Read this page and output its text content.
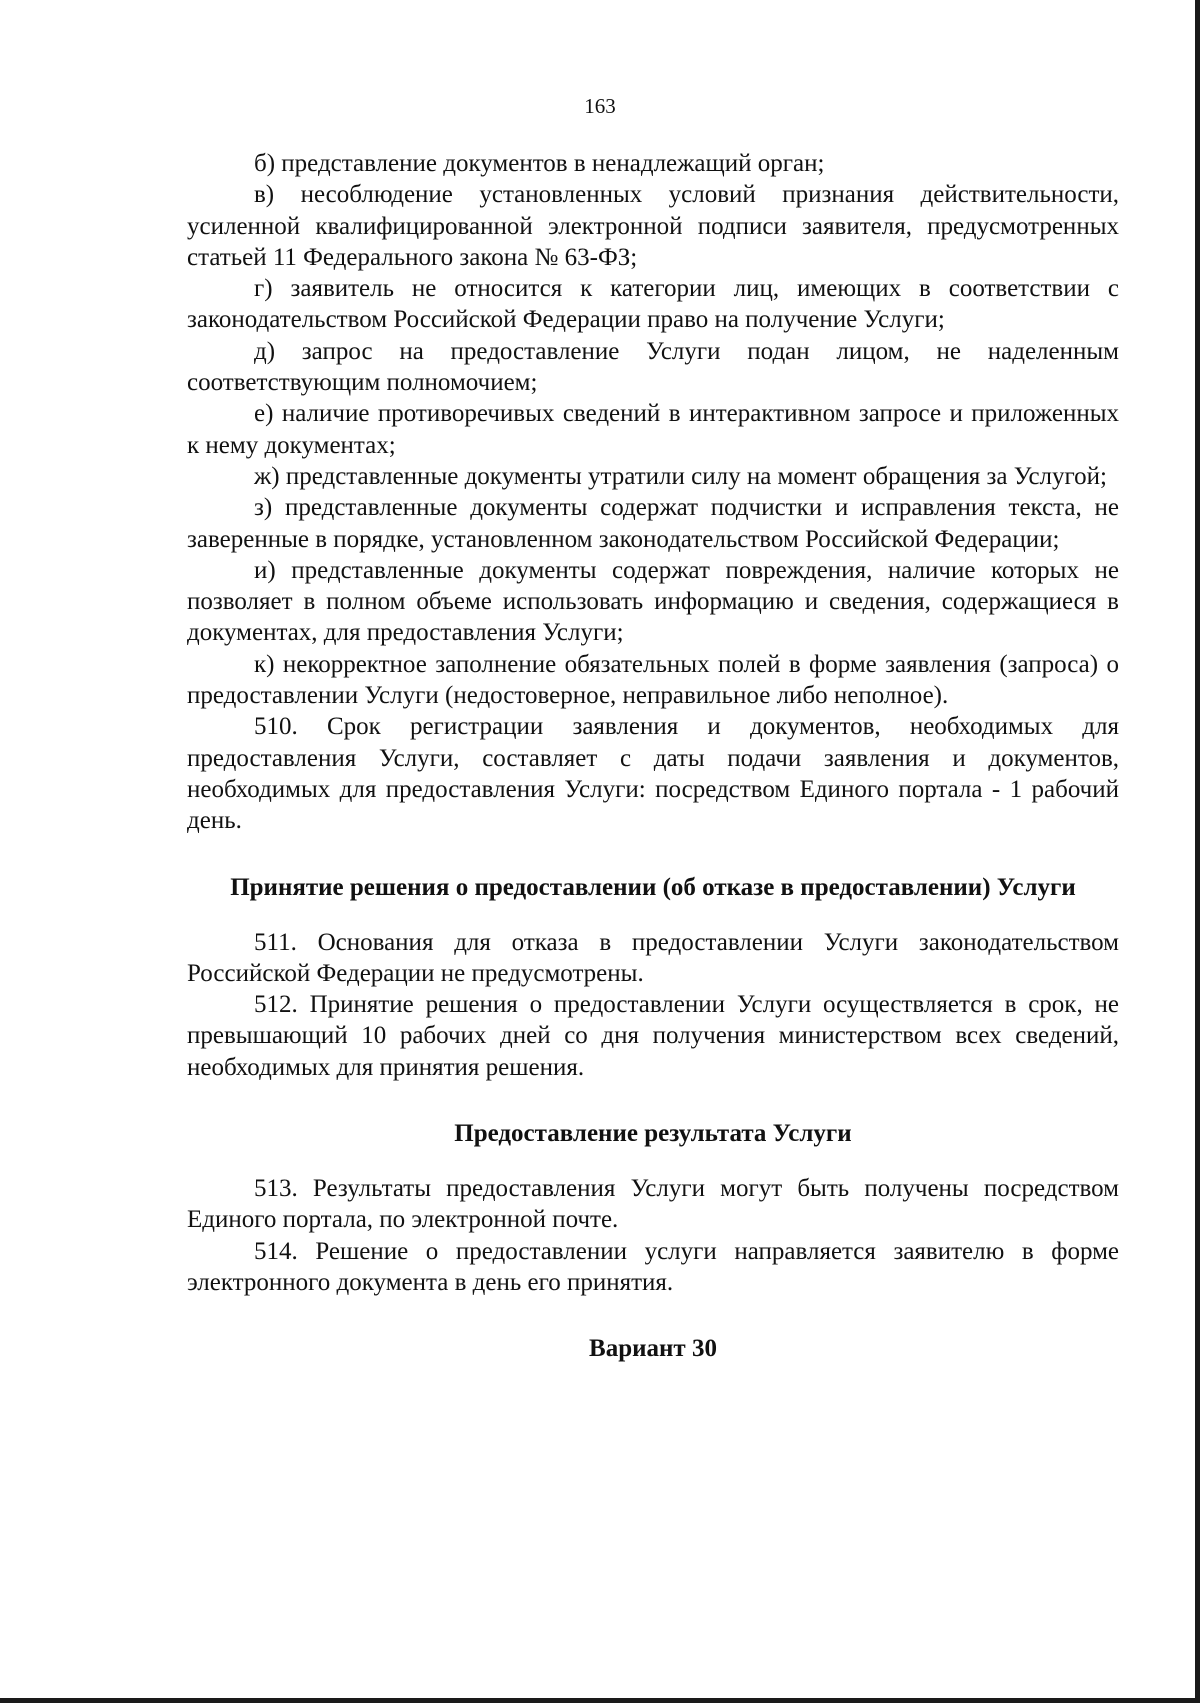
163

б) представление документов в ненадлежащий орган;

в) несоблюдение установленных условий признания действительности, усиленной квалифицированной электронной подписи заявителя, предусмотренных статьей 11 Федерального закона № 63-ФЗ;

г) заявитель не относится к категории лиц, имеющих в соответствии с законодательством Российской Федерации право на получение Услуги;

д) запрос на предоставление Услуги подан лицом, не наделенным соответствующим полномочием;

е) наличие противоречивых сведений в интерактивном запросе и приложенных к нему документах;

ж) представленные документы утратили силу на момент обращения за Услугой;

з) представленные документы содержат подчистки и исправления текста, не заверенные в порядке, установленном законодательством Российской Федерации;

и) представленные документы содержат повреждения, наличие которых не позволяет в полном объеме использовать информацию и сведения, содержащиеся в документах, для предоставления Услуги;

к) некорректное заполнение обязательных полей в форме заявления (запроса) о предоставлении Услуги (недостоверное, неправильное либо неполное).

510. Срок регистрации заявления и документов, необходимых для предоставления Услуги, составляет с даты подачи заявления и документов, необходимых для предоставления Услуги: посредством Единого портала - 1 рабочий день.

Принятие решения о предоставлении (об отказе в предоставлении) Услуги

511. Основания для отказа в предоставлении Услуги законодательством Российской Федерации не предусмотрены.

512. Принятие решения о предоставлении Услуги осуществляется в срок, не превышающий 10 рабочих дней со дня получения министерством всех сведений, необходимых для принятия решения.

Предоставление результата Услуги

513. Результаты предоставления Услуги могут быть получены посредством Единого портала, по электронной почте.

514. Решение о предоставлении услуги направляется заявителю в форме электронного документа в день его принятия.

Вариант 30
